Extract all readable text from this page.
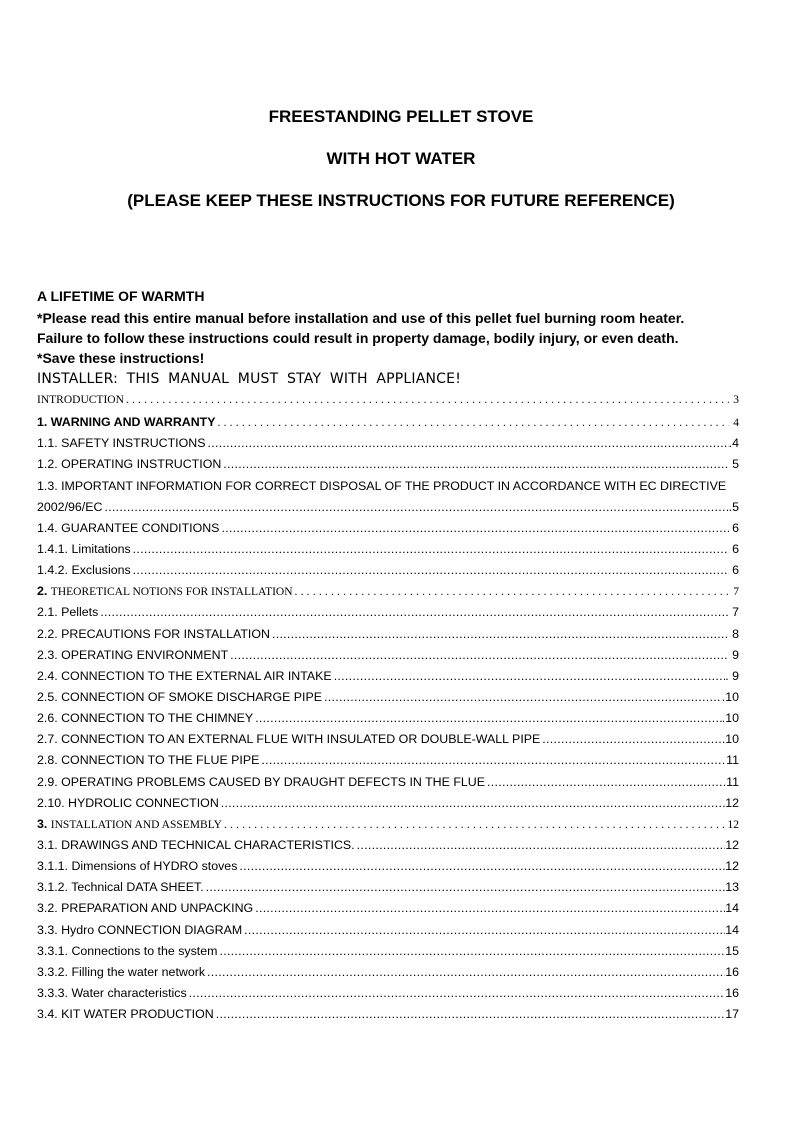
FREESTANDING PELLET STOVE
WITH HOT WATER
(PLEASE KEEP THESE INSTRUCTIONS FOR FUTURE REFERENCE)
A LIFETIME OF WARMTH
*Please read this entire manual before installation and use of this pellet fuel burning room heater.
Failure to follow these instructions could result in property damage, bodily injury, or even death.
*Save these instructions!
INSTALLER: THIS MANUAL MUST STAY WITH APPLIANCE!
INTRODUCTION .....	3
1. WARNING AND WARRANTY .....	4
1.1. SAFETY INSTRUCTIONS .....	.4
1.2. OPERATING INSTRUCTION .....	5
1.3. IMPORTANT INFORMATION FOR CORRECT DISPOSAL OF THE PRODUCT IN ACCORDANCE WITH EC DIRECTIVE
2002/96/EC .....	.5
1.4. GUARANTEE CONDITIONS .....	6
1.4.1. Limitations .....	6
1.4.2. Exclusions .....	6
2.
THEORETICAL NOTIONS FOR INSTALLATION .....	7
2.1. Pellets .....	7
2.2. PRECAUTIONS FOR INSTALLATION .....	8
2.3. OPERATING ENVIRONMENT .....	9
2.4. CONNECTION TO THE EXTERNAL AIR INTAKE .....	. 9
2.5. CONNECTION OF SMOKE DISCHARGE PIPE .....	.10
2.6. CONNECTION TO THE CHIMNEY .....	.10
2.7. CONNECTION TO AN EXTERNAL FLUE WITH INSULATED OR DOUBLE-WALL PIPE .....	10
2.8. CONNECTION TO THE FLUE PIPE .....	11
2.9. OPERATING PROBLEMS CAUSED BY DRAUGHT DEFECTS IN THE FLUE .....	11
2.10. HYDROLIC CONNECTION .....	12
3.
INSTALLATION AND ASSEMBLY .....	12
3.1. DRAWINGS AND TECHNICAL CHARACTERISTICS. .....	12
3.1.1. Dimensions of HYDRO stoves .....	12
3.1.2. Technical DATA SHEET. .....	13
3.2. PREPARATION AND UNPACKING .....	14
3.3. Hydro CONNECTION DIAGRAM .....	14
3.3.1. Connections to the system .....	15
3.3.2. Filling the water network .....	16
3.3.3. Water characteristics .....	16
3.4. KIT WATER PRODUCTION .....	17
